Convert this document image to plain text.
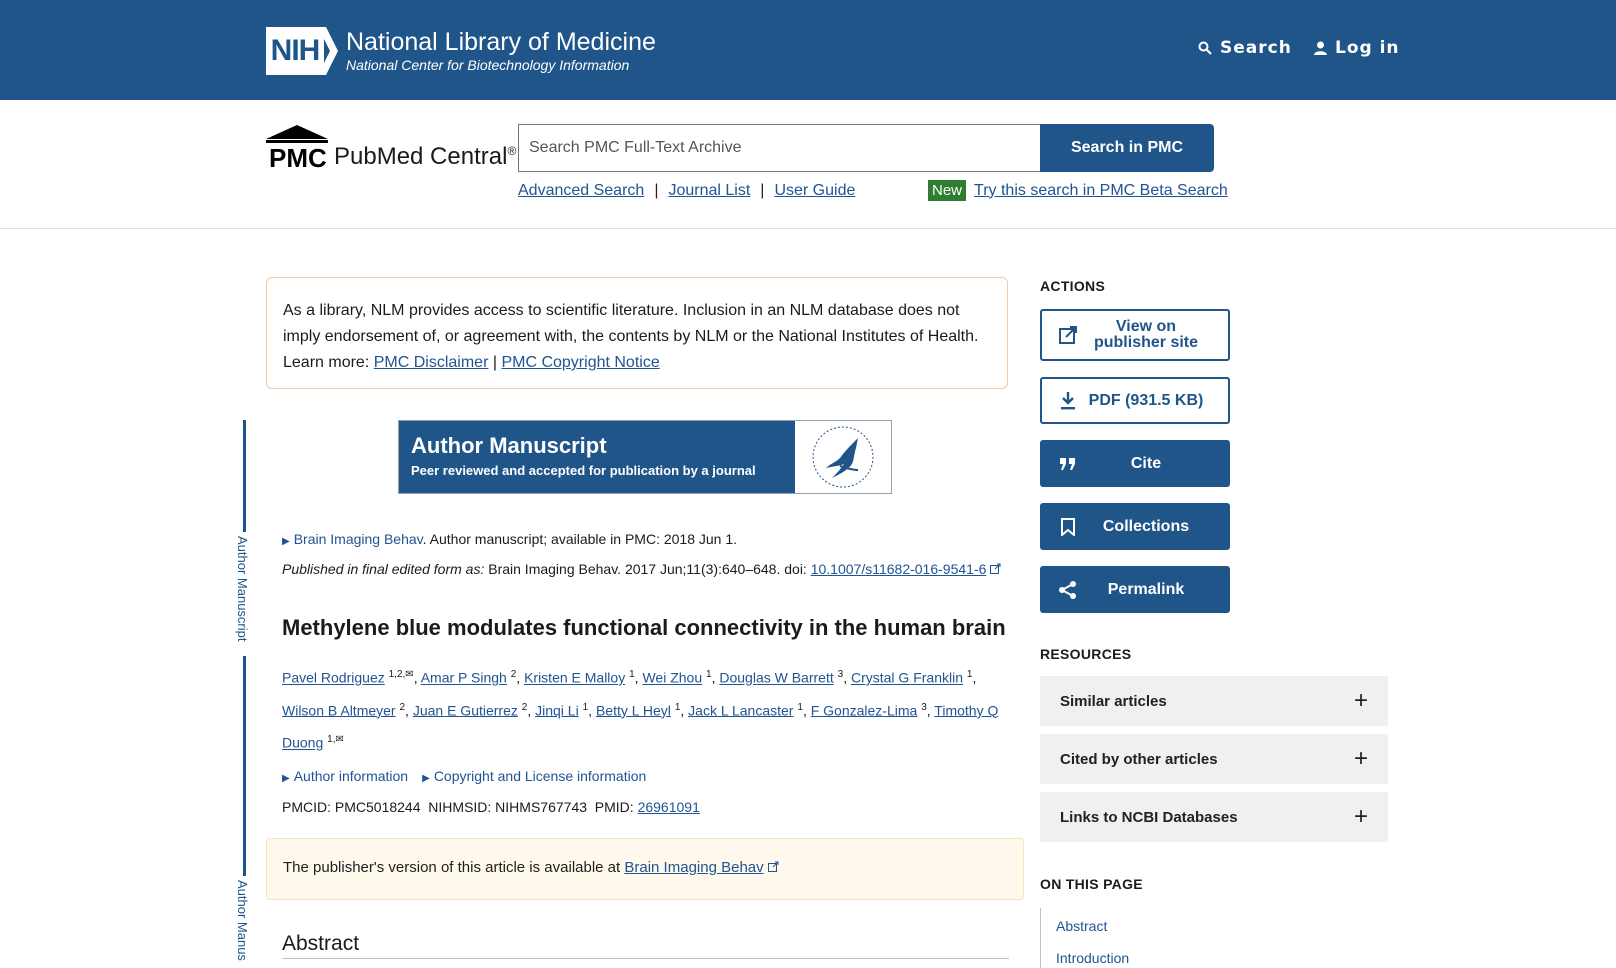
NIH National Library of Medicine
National Center for Biotechnology Information
Search	Log in
PMC PubMed Central® Search PMC Full-Text Archive	Search in PMC
Advanced Search | Journal List | User Guide	New Try this search in PMC Beta Search
As a library, NLM provides access to scientific literature. Inclusion in an NLM database does not imply endorsement of, or agreement with, the contents by NLM or the National Institutes of Health. Learn more: PMC Disclaimer | PMC Copyright Notice
Author Manuscript
Author Manus
Author Manuscript
Peer reviewed and accepted for publication by a journal
▶ Brain Imaging Behav. Author manuscript; available in PMC: 2018 Jun 1.
Published in final edited form as: Brain Imaging Behav. 2017 Jun;11(3):640–648. doi: 10.1007/s11682-016-9541-6
Methylene blue modulates functional connectivity in the human brain
Pavel Rodriguez $^{1,2,✉}$, Amar P Singh $^2$, Kristen E Malloy $^1$, Wei Zhou $^1$, Douglas W Barrett $^3$, Crystal G Franklin $^1$, Wilson B Altmeyer $^2$, Juan E Gutierrez $^2$, Jinqi Li $^1$, Betty L Heyl $^1$, Jack L Lancaster $^1$, F Gonzalez-Lima $^3$, Timothy Q Duong $^{1,✉}$
▶ Author information ▶ Copyright and License information
PMCID: PMC5018244 NIHMSID: NIHMS767743 PMID: 26961091
The publisher's version of this article is available at Brain Imaging Behav
Abstract
ACTIONS
View on publisher site
PDF (931.5 KB)
Cite
Collections
Permalink
RESOURCES
Similar articles	+
Cited by other articles	+
Links to NCBI Databases	+
ON THIS PAGE
Abstract
Introduction
